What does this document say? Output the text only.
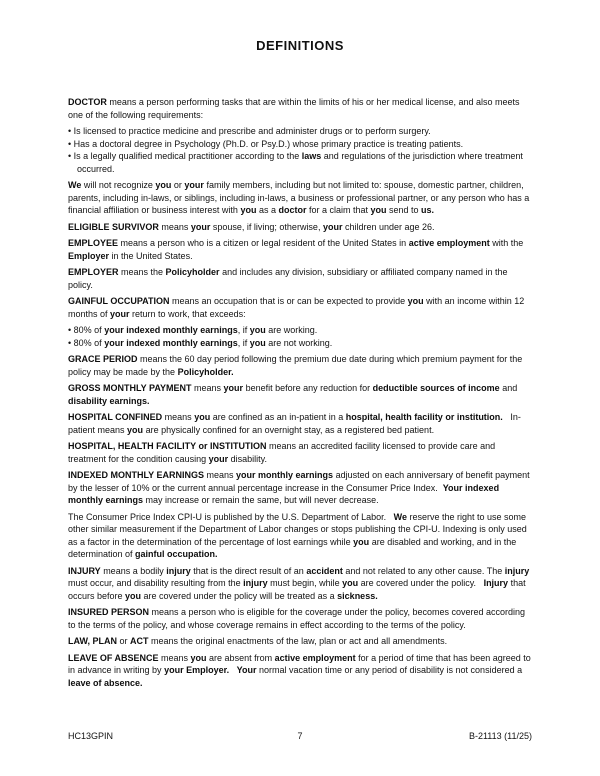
DEFINITIONS

DOCTOR means a person performing tasks that are within the limits of his or her medical license, and also meets one of the following requirements:

• Is licensed to practice medicine and prescribe and administer drugs or to perform surgery.

• Has a doctoral degree in Psychology (Ph.D. or Psy.D.) whose primary practice is treating patients.

• Is a legally qualified medical practitioner according to the laws and regulations of the jurisdiction where treatment occurred.

We will not recognize you or your family members, including but not limited to: spouse, domestic partner, children, parents, including in-laws, or siblings, including in-laws, a business or professional partner, or any person who has a financial affiliation or business interest with you as a doctor for a claim that you send to us.

ELIGIBLE SURVIVOR means your spouse, if living; otherwise, your children under age 26.

EMPLOYEE means a person who is a citizen or legal resident of the United States in active employment with the Employer in the United States.

EMPLOYER means the Policyholder and includes any division, subsidiary or affiliated company named in the policy.

GAINFUL OCCUPATION means an occupation that is or can be expected to provide you with an income within 12 months of your return to work, that exceeds:

• 80% of your indexed monthly earnings, if you are working.

• 80% of your indexed monthly earnings, if you are not working.

GRACE PERIOD means the 60 day period following the premium due date during which premium payment for the policy may be made by the Policyholder.

GROSS MONTHLY PAYMENT means your benefit before any reduction for deductible sources of income and disability earnings.

HOSPITAL CONFINED means you are confined as an in-patient in a hospital, health facility or institution.   In-patient means you are physically confined for an overnight stay, as a registered bed patient.

HOSPITAL, HEALTH FACILITY or INSTITUTION means an accredited facility licensed to provide care and treatment for the condition causing your disability.

INDEXED MONTHLY EARNINGS means your monthly earnings adjusted on each anniversary of benefit payment by the lesser of 10% or the current annual percentage increase in the Consumer Price Index.  Your indexed monthly earnings may increase or remain the same, but will never decrease.

The Consumer Price Index CPI-U is published by the U.S. Department of Labor.   We reserve the right to use some other similar measurement if the Department of Labor changes or stops publishing the CPI-U. Indexing is only used as a factor in the determination of the percentage of lost earnings while you are disabled and working, and in the determination of gainful occupation.

INJURY means a bodily injury that is the direct result of an accident and not related to any other cause. The injury must occur, and disability resulting from the injury must begin, while you are covered under the policy.   Injury that occurs before you are covered under the policy will be treated as a sickness.

INSURED PERSON means a person who is eligible for the coverage under the policy, becomes covered according to the terms of the policy, and whose coverage remains in effect according to the terms of the policy.

LAW, PLAN or ACT means the original enactments of the law, plan or act and all amendments.

LEAVE OF ABSENCE means you are absent from active employment for a period of time that has been agreed to in advance in writing by your Employer. Your normal vacation time or any period of disability is not considered a leave of absence.

HC13GPIN	7	B-21113 (11/25)
